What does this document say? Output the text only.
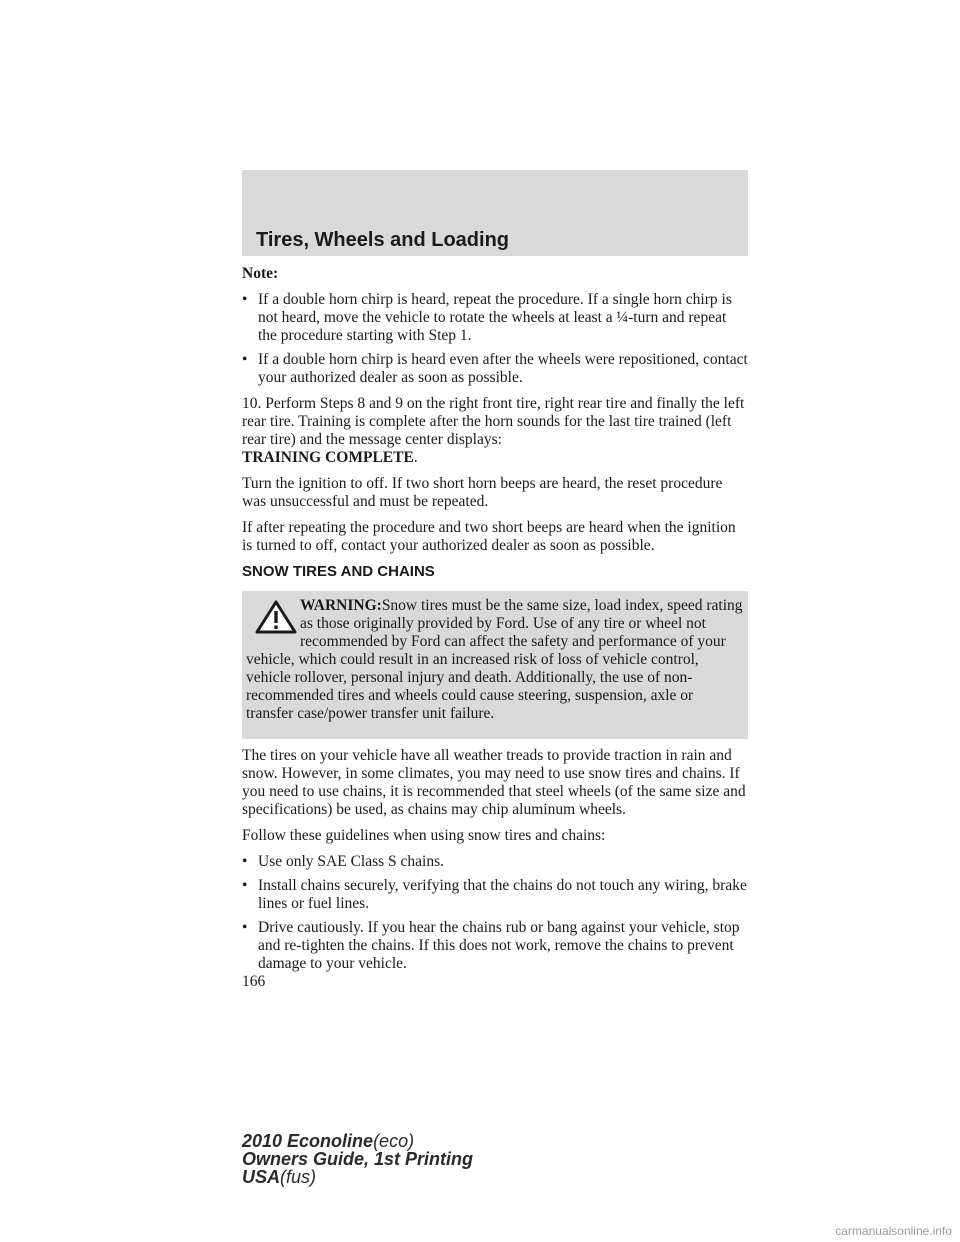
Tires, Wheels and Loading

Note:

• If a double horn chirp is heard, repeat the procedure. If a single horn chirp is not heard, move the vehicle to rotate the wheels at least a ¼-turn and repeat the procedure starting with Step 1.
• If a double horn chirp is heard even after the wheels were repositioned, contact your authorized dealer as soon as possible.

10. Perform Steps 8 and 9 on the right front tire, right rear tire and finally the left rear tire. Training is complete after the horn sounds for the last tire trained (left rear tire) and the message center displays:
TRAINING COMPLETE.

Turn the ignition to off. If two short horn beeps are heard, the reset procedure was unsuccessful and must be repeated.

If after repeating the procedure and two short beeps are heard when the ignition is turned to off, contact your authorized dealer as soon as possible.

SNOW TIRES AND CHAINS

WARNING:Snow tires must be the same size, load index, speed rating as those originally provided by Ford. Use of any tire or wheel not recommended by Ford can affect the safety and performance of your vehicle, which could result in an increased risk of loss of vehicle control, vehicle rollover, personal injury and death. Additionally, the use of non-recommended tires and wheels could cause steering, suspension, axle or transfer case/power transfer unit failure.

The tires on your vehicle have all weather treads to provide traction in rain and snow. However, in some climates, you may need to use snow tires and chains. If you need to use chains, it is recommended that steel wheels (of the same size and specifications) be used, as chains may chip aluminum wheels.

Follow these guidelines when using snow tires and chains:

• Use only SAE Class S chains.
• Install chains securely, verifying that the chains do not touch any wiring, brake lines or fuel lines.
• Drive cautiously. If you hear the chains rub or bang against your vehicle, stop and re-tighten the chains. If this does not work, remove the chains to prevent damage to your vehicle.
166
2010 Econoline(eco)
Owners Guide, 1st Printing
USA(fus)
carmanualsonline.info
